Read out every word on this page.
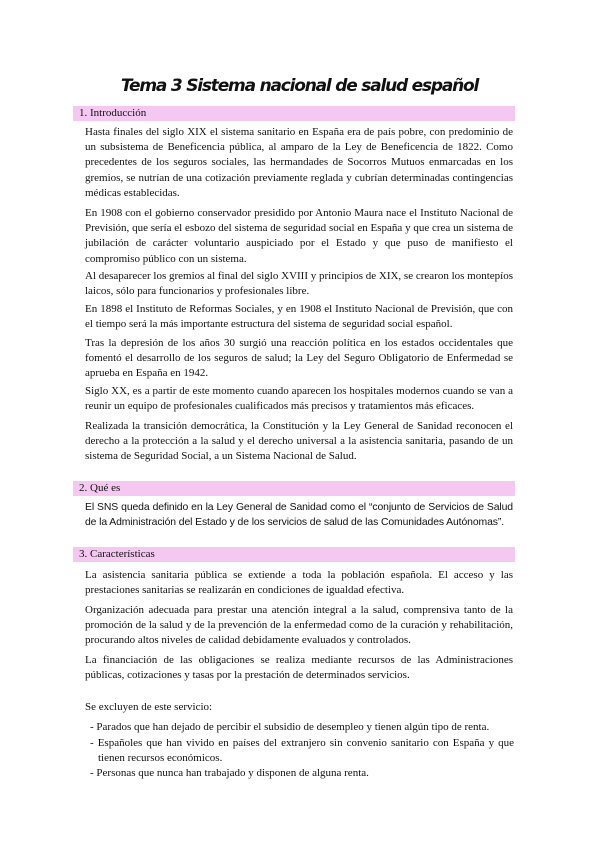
Tema 3 Sistema nacional de salud español
1. Introducción

Hasta finales del siglo XIX el sistema sanitario en España era de país pobre, con predominio de un subsistema de Beneficencia pública, al amparo de la Ley de Beneficencia de 1822. Como precedentes de los seguros sociales, las hermandades de Socorros Mutuos enmarcadas en los gremios, se nutrían de una cotización previamente reglada y cubrían determinadas contingencias médicas establecidas.

En 1908 con el gobierno conservador presidido por Antonio Maura nace el Instituto Nacional de Previsión, que sería el esbozo del sistema de seguridad social en España y que crea un sistema de jubilación de carácter voluntario auspiciado por el Estado y que puso de manifiesto el compromiso público con un sistema.

Al desaparecer los gremios al final del siglo XVIII y principios de XIX, se crearon los montepíos laicos, sólo para funcionarios y profesionales libre.

En 1898 el Instituto de Reformas Sociales, y en 1908 el Instituto Nacional de Previsión, que con el tiempo será la más importante estructura del sistema de seguridad social español.

Tras la depresión de los años 30 surgió una reacción política en los estados occidentales que fomentó el desarrollo de los seguros de salud; la Ley del Seguro Obligatorio de Enfermedad se aprueba en España en 1942.

Siglo XX, es a partir de este momento cuando aparecen los hospitales modernos cuando se van a reunir un equipo de profesionales cualificados más precisos y tratamientos más eficaces.

Realizada la transición democrática, la Constitución y la Ley General de Sanidad reconocen el derecho a la protección a la salud y el derecho universal a la asistencia sanitaria, pasando de un sistema de Seguridad Social, a un Sistema Nacional de Salud.

2. Qué es

El SNS queda definido en la Ley General de Sanidad como el “conjunto de Servicios de Salud de la Administración del Estado y de los servicios de salud de las Comunidades Autónomas”.

3. Características

La asistencia sanitaria pública se extiende a toda la población española. El acceso y las prestaciones sanitarias se realizarán en condiciones de igualdad efectiva.

Organización adecuada para prestar una atención integral a la salud, comprensiva tanto de la promoción de la salud y de la prevención de la enfermedad como de la curación y rehabilitación, procurando altos niveles de calidad debidamente evaluados y controlados.

La financiación de las obligaciones se realiza mediante recursos de las Administraciones públicas, cotizaciones y tasas por la prestación de determinados servicios.

Se excluyen de este servicio:

- Parados que han dejado de percibir el subsidio de desempleo y tienen algún tipo de renta.
- Españoles que han vivido en países del extranjero sin convenio sanitario con España y que tienen recursos económicos.
- Personas que nunca han trabajado y disponen de alguna renta.
